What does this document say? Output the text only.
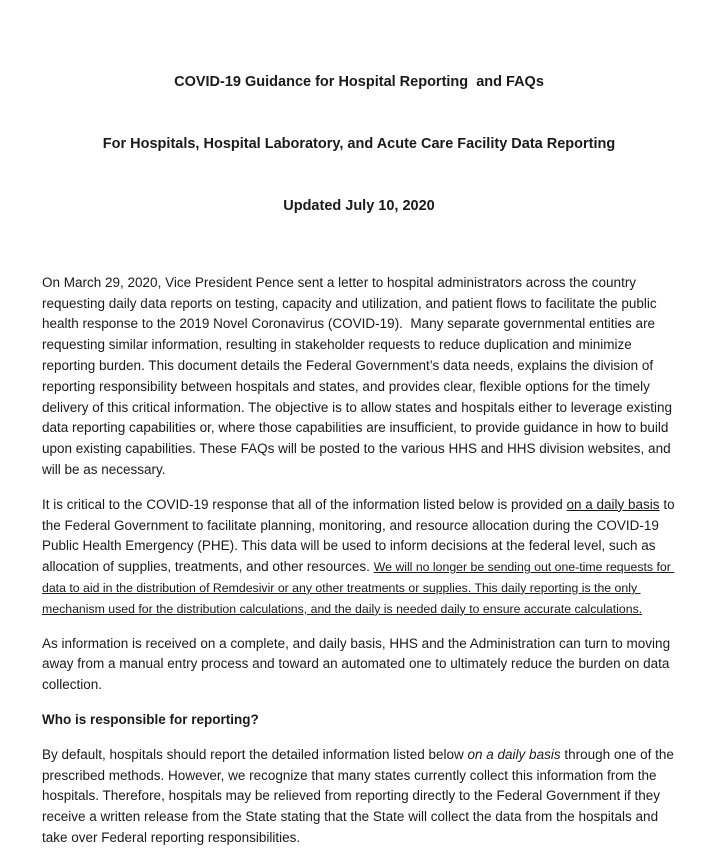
COVID-19 Guidance for Hospital Reporting  and FAQs

For Hospitals, Hospital Laboratory, and Acute Care Facility Data Reporting

Updated July 10, 2020

On March 29, 2020, Vice President Pence sent a letter to hospital administrators across the country requesting daily data reports on testing, capacity and utilization, and patient flows to facilitate the public health response to the 2019 Novel Coronavirus (COVID-19).  Many separate governmental entities are requesting similar information, resulting in stakeholder requests to reduce duplication and minimize reporting burden. This document details the Federal Government’s data needs, explains the division of reporting responsibility between hospitals and states, and provides clear, flexible options for the timely delivery of this critical information. The objective is to allow states and hospitals either to leverage existing data reporting capabilities or, where those capabilities are insufficient, to provide guidance in how to build upon existing capabilities. These FAQs will be posted to the various HHS and HHS division websites, and will be as necessary.

It is critical to the COVID-19 response that all of the information listed below is provided on a daily basis to the Federal Government to facilitate planning, monitoring, and resource allocation during the COVID-19 Public Health Emergency (PHE). This data will be used to inform decisions at the federal level, such as allocation of supplies, treatments, and other resources. We will no longer be sending out one-time requests for data to aid in the distribution of Remdesivir or any other treatments or supplies. This daily reporting is the only mechanism used for the distribution calculations, and the daily is needed daily to ensure accurate calculations.

As information is received on a complete, and daily basis, HHS and the Administration can turn to moving away from a manual entry process and toward an automated one to ultimately reduce the burden on data collection.

Who is responsible for reporting?

By default, hospitals should report the detailed information listed below on a daily basis through one of the prescribed methods. However, we recognize that many states currently collect this information from the hospitals. Therefore, hospitals may be relieved from reporting directly to the Federal Government if they receive a written release from the State stating that the State will collect the data from the hospitals and take over Federal reporting responsibilities.
